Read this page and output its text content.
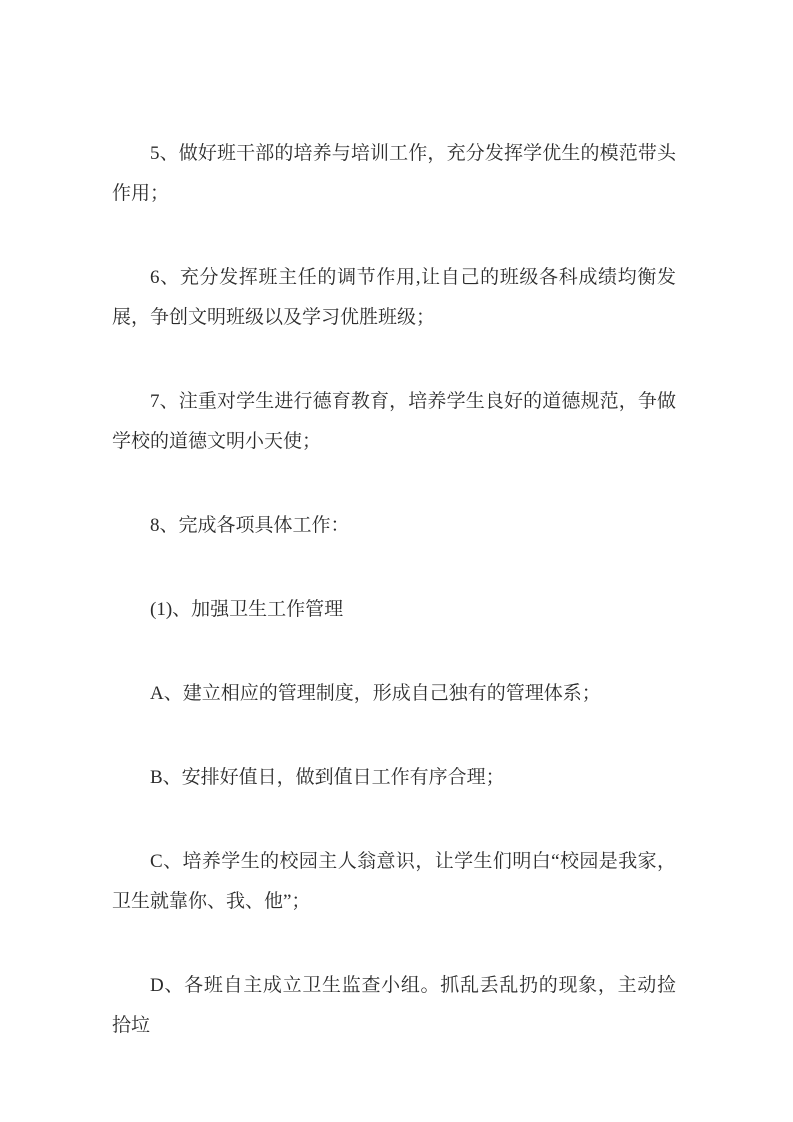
5、做好班干部的培养与培训工作，充分发挥学优生的模范带头作用；

6、充分发挥班主任的调节作用,让自己的班级各科成绩均衡发展，争创文明班级以及学习优胜班级；

7、注重对学生进行德育教育，培养学生良好的道德规范，争做学校的道德文明小天使；

8、完成各项具体工作：

(1)、加强卫生工作管理

A、建立相应的管理制度，形成自己独有的管理体系；

B、安排好值日，做到值日工作有序合理；

C、培养学生的校园主人翁意识，让学生们明白“校园是我家，卫生就靠你、我、他”；

D、各班自主成立卫生监查小组。抓乱丢乱扔的现象，主动捡拾垃
